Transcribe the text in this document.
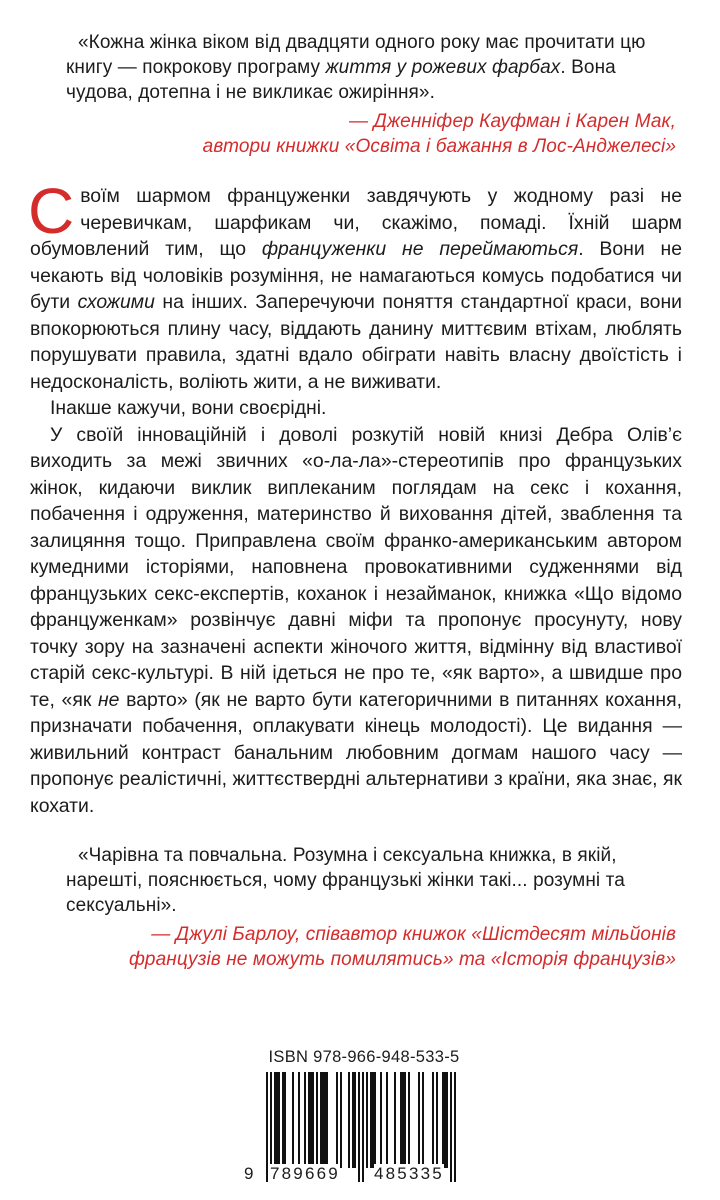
«Кожна жінка віком від двадцяти одного року має прочитати цю книгу — покрокову програму життя у рожевих фарбах. Вона чудова, дотепна і не викликає ожиріння».

— Дженніфер Кауфман і Карен Мак,
автори книжки «Освіта і бажання в Лос-Анджелесі»

Своїм шармом француженки завдячують у жодному разі не черевичкам, шарфикам чи, скажімо, помаді. Їхній шарм обумовлений тим, що француженки не переймаються. Вони не чекають від чоловіків розуміння, не намагаються комусь подобатися чи бути схожими на інших. Заперечуючи поняття стандартної краси, вони впокорюються плину часу, віддають данину миттєвим втіхам, люблять порушувати правила, здатні вдало обіграти навіть власну двоїстість і недосконалість, воліють жити, а не виживати.

Інакше кажучи, вони своєрідні.

У своїй інноваційній і доволі розкутій новій книзі Дебра Олів’є виходить за межі звичних «о-ла-ла»-стереотипів про французьких жінок, кидаючи виклик виплеканим поглядам на секс і кохання, побачення і одруження, материнство й виховання дітей, зваблення та залицяння тощо. Приправлена своїм франко-американським автором кумедними історіями, наповнена провокативними судженнями від французьких секс-експертів, коханок і незайманок, книжка «Що відомо француженкам» розвінчує давні міфи та пропонує просунуту, нову точку зору на зазначені аспекти жіночого життя, відмінну від властивої старій секс-культурі. В ній ідеться не про те, «як варто», а швидше про те, «як не варто» (як не варто бути категоричними в питаннях кохання, призначати побачення, оплакувати кінець молодості). Це видання — живильний контраст банальним любовним догмам нашого часу — пропонує реалістичні, життєствердні альтернативи з країни, яка знає, як кохати.

«Чарівна та повчальна. Розумна і сексуальна книжка, в якій, нарешті, пояснюється, чому французькі жінки такі... розумні та сексуальні».

— Джулі Барлоу, співавтор книжок «Шістдесят мільйонів
французів не можуть помилятись» та «Історія французів»

ISBN 978-966-948-533-5
9 789669 485335
